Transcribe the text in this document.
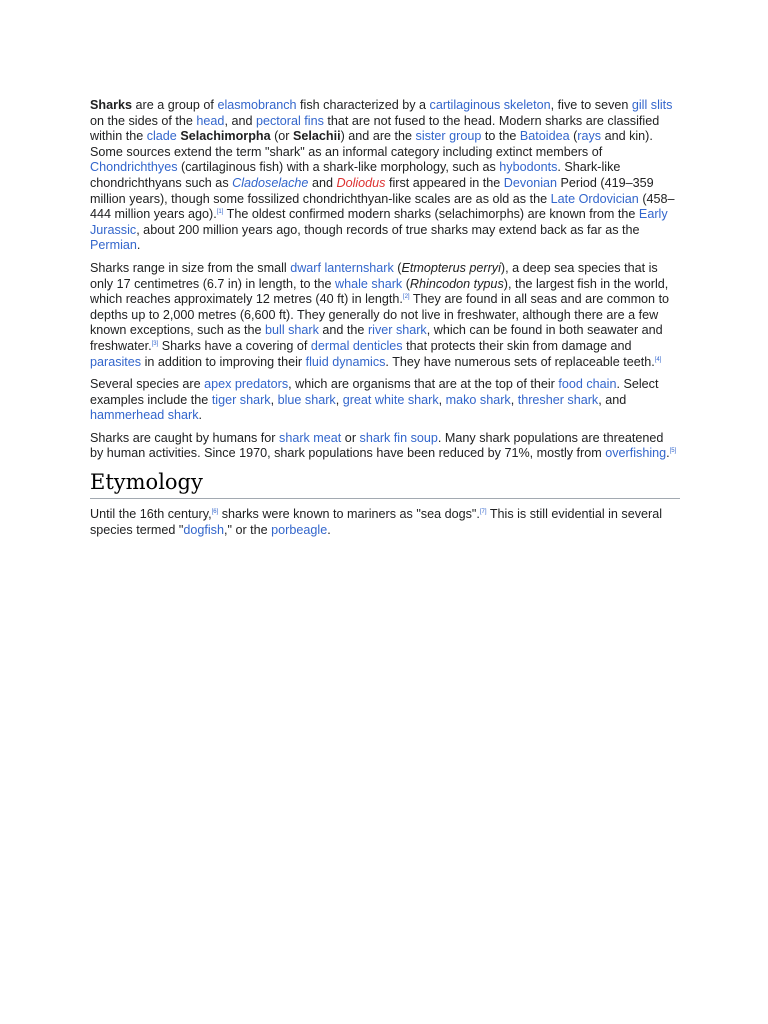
Sharks are a group of elasmobranch fish characterized by a cartilaginous skeleton, five to seven gill slits on the sides of the head, and pectoral fins that are not fused to the head. Modern sharks are classified within the clade Selachimorpha (or Selachii) and are the sister group to the Batoidea (rays and kin). Some sources extend the term "shark" as an informal category including extinct members of Chondrichthyes (cartilaginous fish) with a shark-like morphology, such as hybodonts. Shark-like chondrichthyans such as Cladoselache and Doliodus first appeared in the Devonian Period (419–359 million years), though some fossilized chondrichthyan-like scales are as old as the Late Ordovician (458–444 million years ago).[1] The oldest confirmed modern sharks (selachimorphs) are known from the Early Jurassic, about 200 million years ago, though records of true sharks may extend back as far as the Permian.

Sharks range in size from the small dwarf lanternshark (Etmopterus perryi), a deep sea species that is only 17 centimetres (6.7 in) in length, to the whale shark (Rhincodon typus), the largest fish in the world, which reaches approximately 12 metres (40 ft) in length.[2] They are found in all seas and are common to depths up to 2,000 metres (6,600 ft). They generally do not live in freshwater, although there are a few known exceptions, such as the bull shark and the river shark, which can be found in both seawater and freshwater.[3] Sharks have a covering of dermal denticles that protects their skin from damage and parasites in addition to improving their fluid dynamics. They have numerous sets of replaceable teeth.[4]

Several species are apex predators, which are organisms that are at the top of their food chain. Select examples include the tiger shark, blue shark, great white shark, mako shark, thresher shark, and hammerhead shark.

Sharks are caught by humans for shark meat or shark fin soup. Many shark populations are threatened by human activities. Since 1970, shark populations have been reduced by 71%, mostly from overfishing.[5]

Etymology

Until the 16th century,[6] sharks were known to mariners as "sea dogs".[7] This is still evidential in several species termed "dogfish," or the porbeagle.
